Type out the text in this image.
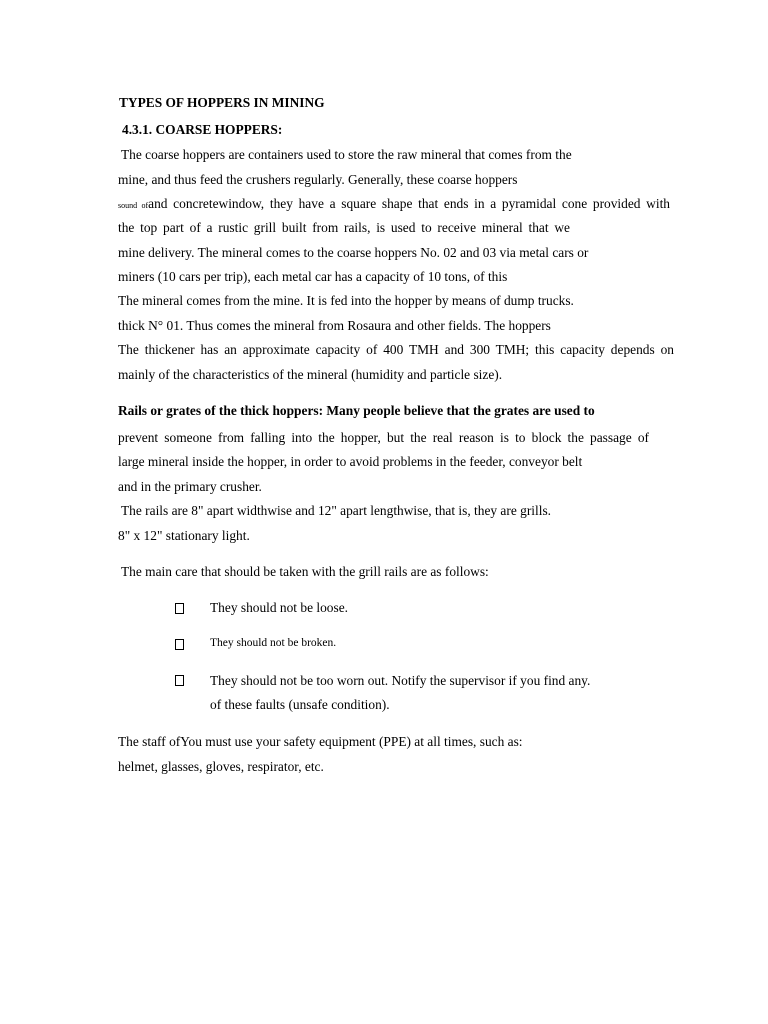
TYPES OF HOPPERS IN MINING
4.3.1. COARSE HOPPERS:
The coarse hoppers are containers used to store the raw mineral that comes from the
mine, and thus feed the crushers regularly. Generally, these coarse hoppers
sound ofand concretewindow, they have a square shape that ends in a pyramidal cone provided with
the top part of a rustic grill built from rails, is used to receive mineral that we
mine delivery. The mineral comes to the coarse hoppers No. 02 and 03 via metal cars or
miners (10 cars per trip), each metal car has a capacity of 10 tons, of this
The mineral comes from the mine. It is fed into the hopper by means of dump trucks.
thick N° 01. Thus comes the mineral from Rosaura and other fields. The hoppers
The thickener has an approximate capacity of 400 TMH and 300 TMH; this capacity depends on
mainly of the characteristics of the mineral (humidity and particle size).
Rails or grates of the thick hoppers: Many people believe that the grates are used to
prevent someone from falling into the hopper, but the real reason is to block the passage of
large mineral inside the hopper, in order to avoid problems in the feeder, conveyor belt
and in the primary crusher.
The rails are 8" apart widthwise and 12" apart lengthwise, that is, they are grills.
8" x 12" stationary light.
The main care that should be taken with the grill rails are as follows:
They should not be loose.
They should not be broken.
They should not be too worn out. Notify the supervisor if you find any.
of these faults (unsafe condition).
The staff ofYou must use your safety equipment (PPE) at all times, such as:
helmet, glasses, gloves, respirator, etc.
